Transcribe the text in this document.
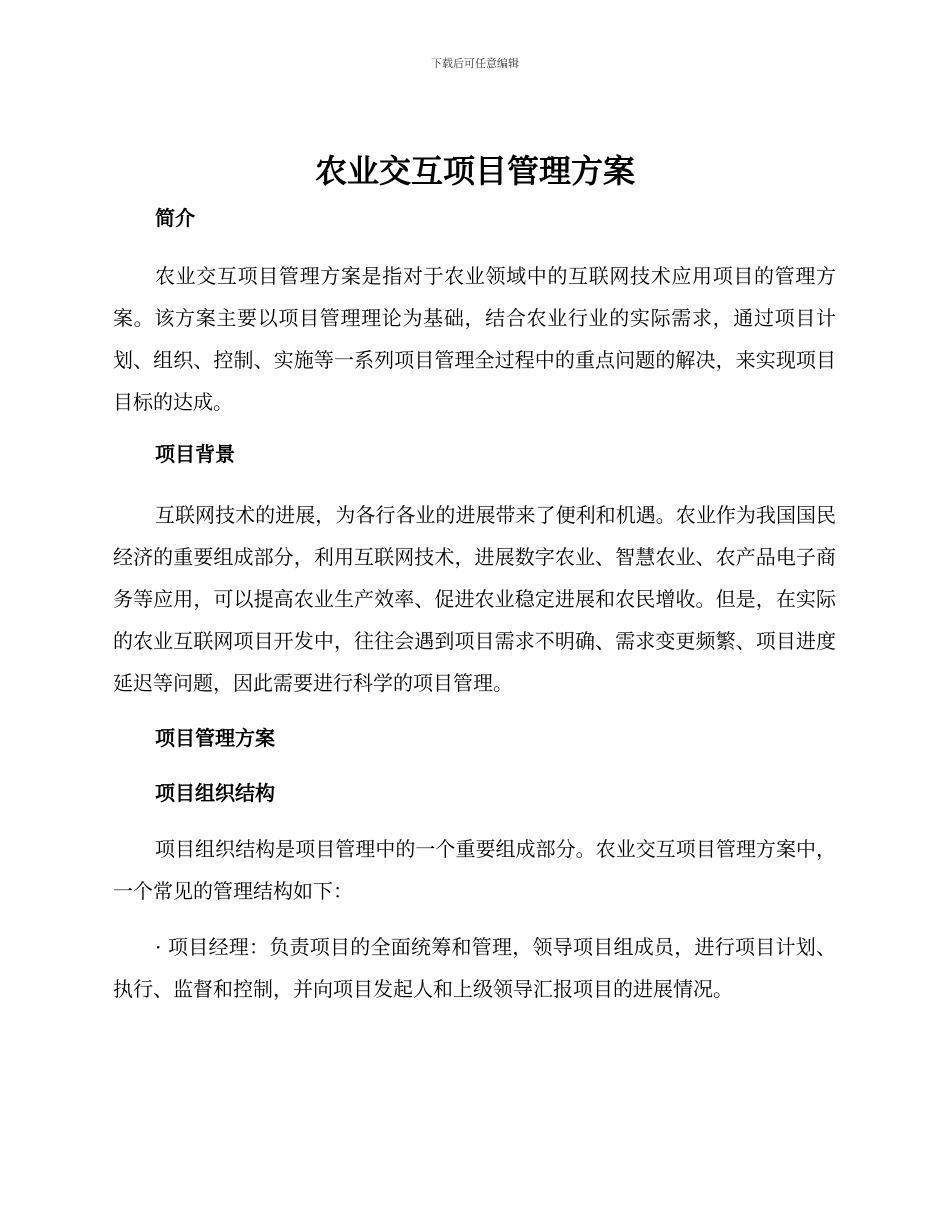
下载后可任意编辑
农业交互项目管理方案
简介

农业交互项目管理方案是指对于农业领域中的互联网技术应用项目的管理方案。该方案主要以项目管理理论为基础，结合农业行业的实际需求，通过项目计划、组织、控制、实施等一系列项目管理全过程中的重点问题的解决，来实现项目目标的达成。

项目背景

互联网技术的进展，为各行各业的进展带来了便利和机遇。农业作为我国国民经济的重要组成部分，利用互联网技术，进展数字农业、智慧农业、农产品电子商务等应用，可以提高农业生产效率、促进农业稳定进展和农民增收。但是，在实际的农业互联网项目开发中，往往会遇到项目需求不明确、需求变更频繁、项目进度延迟等问题，因此需要进行科学的项目管理。

项目管理方案
项目组织结构

项目组织结构是项目管理中的一个重要组成部分。农业交互项目管理方案中，一个常见的管理结构如下：

· 项目经理：负责项目的全面统筹和管理，领导项目组成员，进行项目计划、执行、监督和控制，并向项目发起人和上级领导汇报项目的进展情况。
